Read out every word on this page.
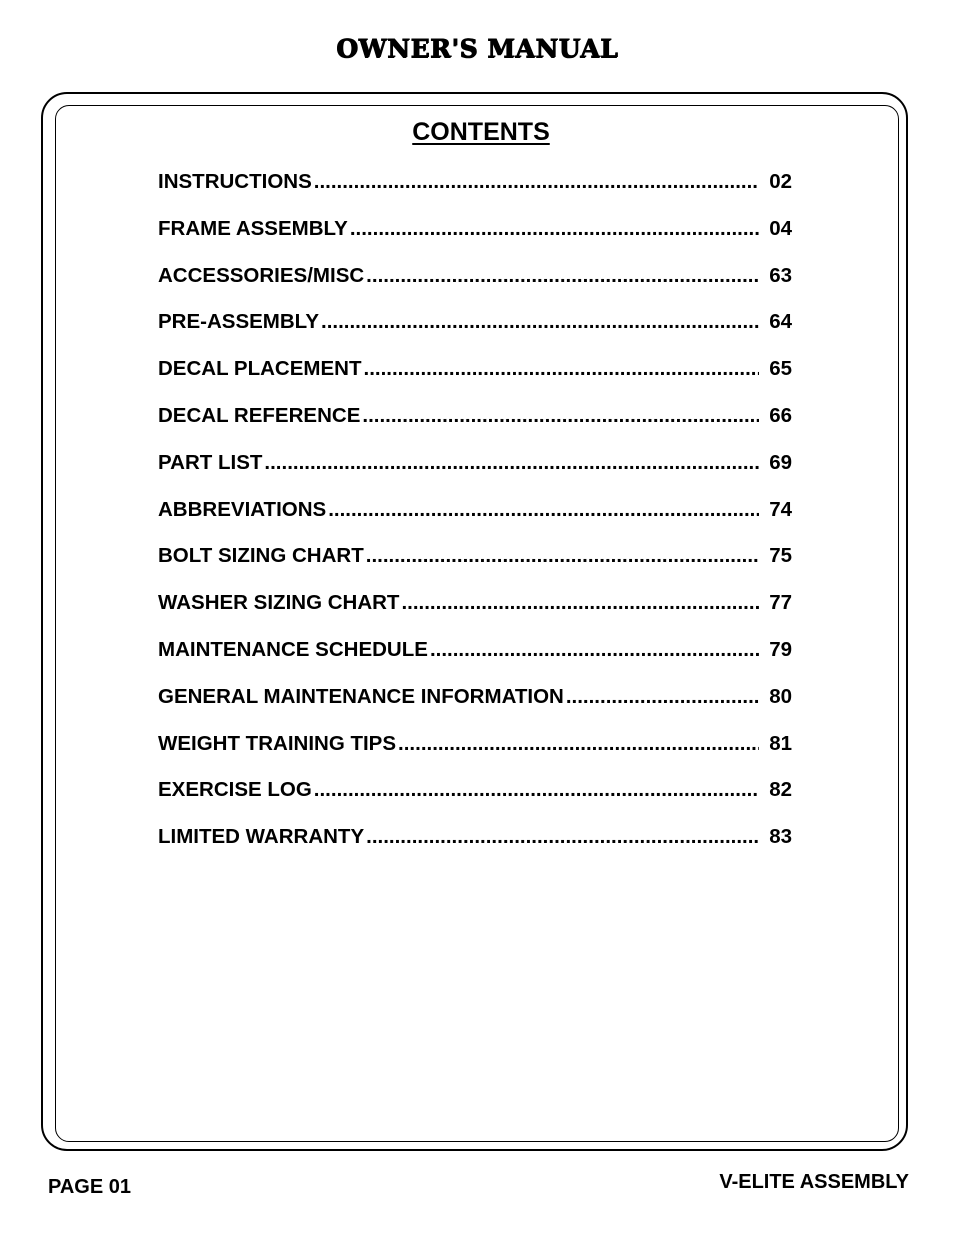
OWNER'S MANUAL
CONTENTS
INSTRUCTIONS .....	02
FRAME ASSEMBLY .....	04
ACCESSORIES/MISC .....	63
PRE-ASSEMBLY .....	64
DECAL PLACEMENT .....	65
DECAL REFERENCE .....	66
PART LIST .....	69
ABBREVIATIONS .....	74
BOLT SIZING CHART .....	75
WASHER SIZING CHART .....	77
MAINTENANCE SCHEDULE .....	79
GENERAL MAINTENANCE INFORMATION .....	80
WEIGHT TRAINING TIPS .....	81
EXERCISE LOG .....	82
LIMITED WARRANTY .....	83
PAGE 01	V-ELITE ASSEMBLY
